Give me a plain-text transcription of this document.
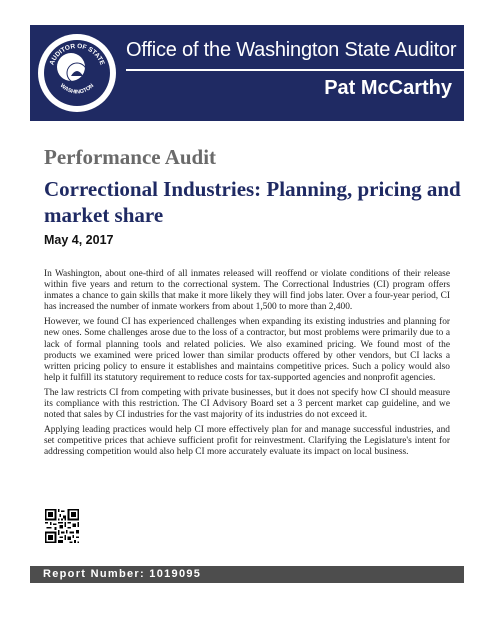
AUDITOR OF STATE
WASHINGTON
Office of the Washington State Auditor
Pat McCarthy
Performance Audit
Correctional Industries: Planning, pricing and market share
May 4, 2017

In Washington, about one-third of all inmates released will reoffend or violate conditions of their release within five years and return to the correctional system. The Correctional Industries (CI) program offers inmates a chance to gain skills that make it more likely they will find jobs later. Over a four-year period, CI has increased the number of inmate workers from about 1,500 to more than 2,400.

However, we found CI has experienced challenges when expanding its existing industries and planning for new ones. Some challenges arose due to the loss of a contractor, but most problems were primarily due to a lack of formal planning tools and related policies. We also examined pricing. We found most of the products we examined were priced lower than similar products offered by other vendors, but CI lacks a written pricing policy to ensure it establishes and maintains competitive prices. Such a policy would also help it fulfill its statutory requirement to reduce costs for tax-supported agencies and nonprofit agencies.

The law restricts CI from competing with private businesses, but it does not specify how CI should measure its compliance with this restriction. The CI Advisory Board set a 3 percent market cap guideline, and we noted that sales by CI industries for the vast majority of its industries do not exceed it.

Applying leading practices would help CI more effectively plan for and manage successful industries, and set competitive prices that achieve sufficient profit for reinvestment. Clarifying the Legislature's intent for addressing competition would also help CI more accurately evaluate its impact on local business.

Report Number: 1019095
